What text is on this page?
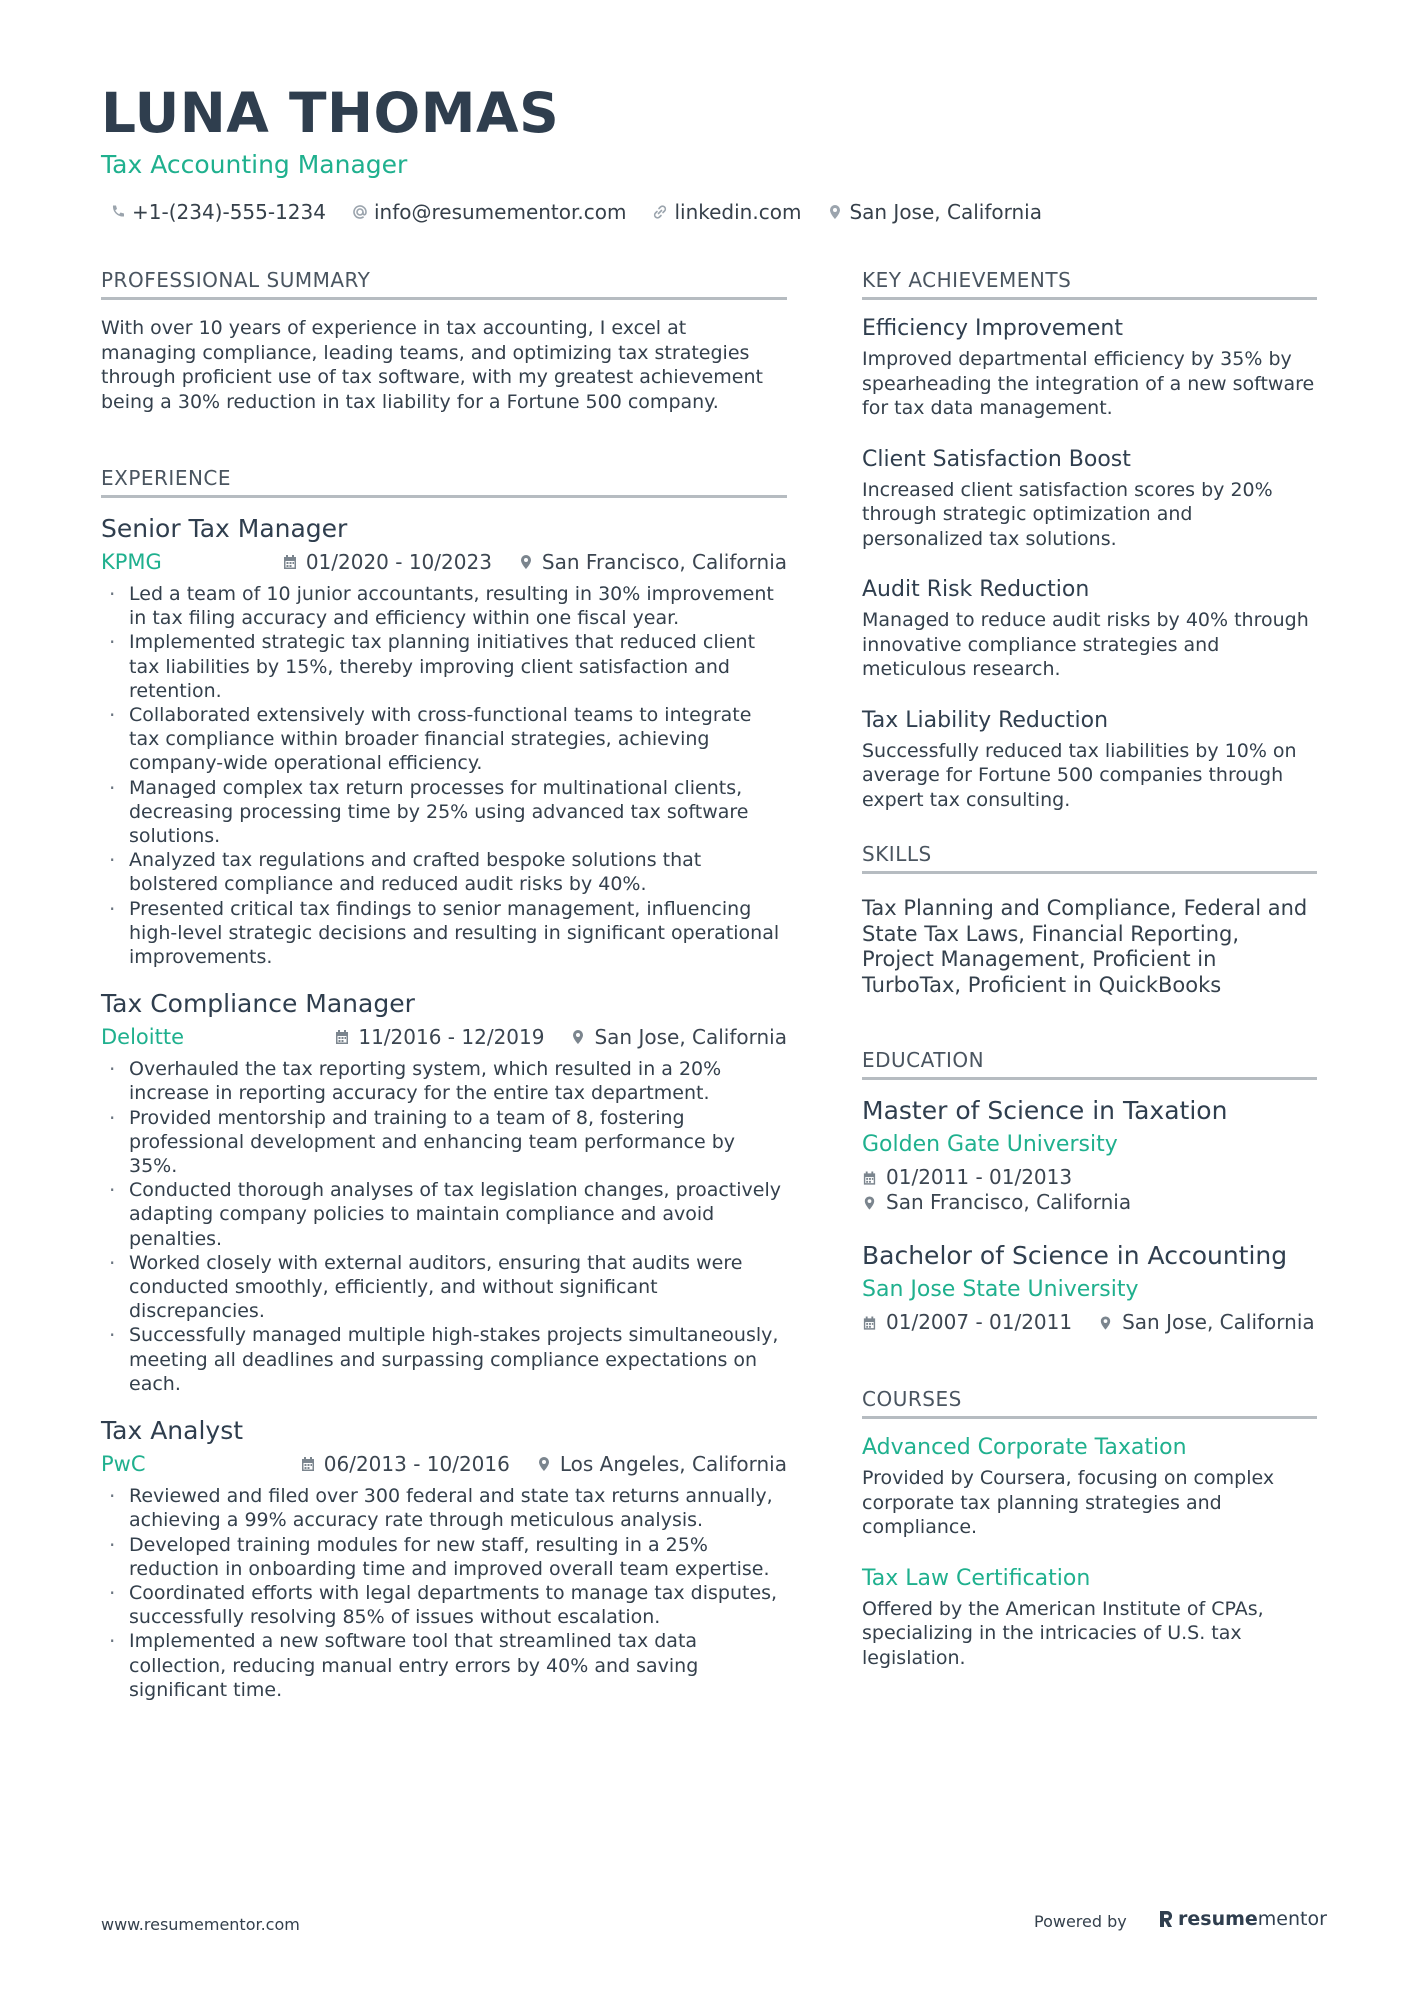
LUNA THOMAS
Tax Accounting Manager
+1-(234)-555-1234 info@resumementor.com linkedin.com San Jose, California
PROFESSIONAL SUMMARY
With over 10 years of experience in tax accounting, I excel at managing compliance, leading teams, and optimizing tax strategies through proficient use of tax software, with my greatest achievement being a 30% reduction in tax liability for a Fortune 500 company.
EXPERIENCE
Senior Tax Manager
KPMG	01/2020 - 10/2023	San Francisco, California
· Led a team of 10 junior accountants, resulting in 30% improvement in tax filing accuracy and efficiency within one fiscal year.
· Implemented strategic tax planning initiatives that reduced client tax liabilities by 15%, thereby improving client satisfaction and retention.
· Collaborated extensively with cross-functional teams to integrate tax compliance within broader financial strategies, achieving company-wide operational efficiency.
· Managed complex tax return processes for multinational clients, decreasing processing time by 25% using advanced tax software solutions.
· Analyzed tax regulations and crafted bespoke solutions that bolstered compliance and reduced audit risks by 40%.
· Presented critical tax findings to senior management, influencing high-level strategic decisions and resulting in significant operational improvements.
Tax Compliance Manager
Deloitte	11/2016 - 12/2019	San Jose, California
· Overhauled the tax reporting system, which resulted in a 20% increase in reporting accuracy for the entire tax department.
· Provided mentorship and training to a team of 8, fostering professional development and enhancing team performance by 35%.
· Conducted thorough analyses of tax legislation changes, proactively adapting company policies to maintain compliance and avoid penalties.
· Worked closely with external auditors, ensuring that audits were conducted smoothly, efficiently, and without significant discrepancies.
· Successfully managed multiple high-stakes projects simultaneously, meeting all deadlines and surpassing compliance expectations on each.
Tax Analyst
PwC	06/2013 - 10/2016	Los Angeles, California
· Reviewed and filed over 300 federal and state tax returns annually, achieving a 99% accuracy rate through meticulous analysis.
· Developed training modules for new staff, resulting in a 25% reduction in onboarding time and improved overall team expertise.
· Coordinated efforts with legal departments to manage tax disputes, successfully resolving 85% of issues without escalation.
· Implemented a new software tool that streamlined tax data collection, reducing manual entry errors by 40% and saving significant time.
KEY ACHIEVEMENTS
Efficiency Improvement
Improved departmental efficiency by 35% by spearheading the integration of a new software for tax data management.
Client Satisfaction Boost
Increased client satisfaction scores by 20% through strategic optimization and personalized tax solutions.
Audit Risk Reduction
Managed to reduce audit risks by 40% through innovative compliance strategies and meticulous research.
Tax Liability Reduction
Successfully reduced tax liabilities by 10% on average for Fortune 500 companies through expert tax consulting.
SKILLS
Tax Planning and Compliance, Federal and State Tax Laws, Financial Reporting, Project Management, Proficient in TurboTax, Proficient in QuickBooks
EDUCATION
Master of Science in Taxation
Golden Gate University
01/2011 - 01/2013
San Francisco, California
Bachelor of Science in Accounting
San Jose State University
01/2007 - 01/2011	San Jose, California
COURSES
Advanced Corporate Taxation
Provided by Coursera, focusing on complex corporate tax planning strategies and compliance.
Tax Law Certification
Offered by the American Institute of CPAs, specializing in the intricacies of U.S. tax legislation.
www.resumementor.com	Powered by	resume mentor
